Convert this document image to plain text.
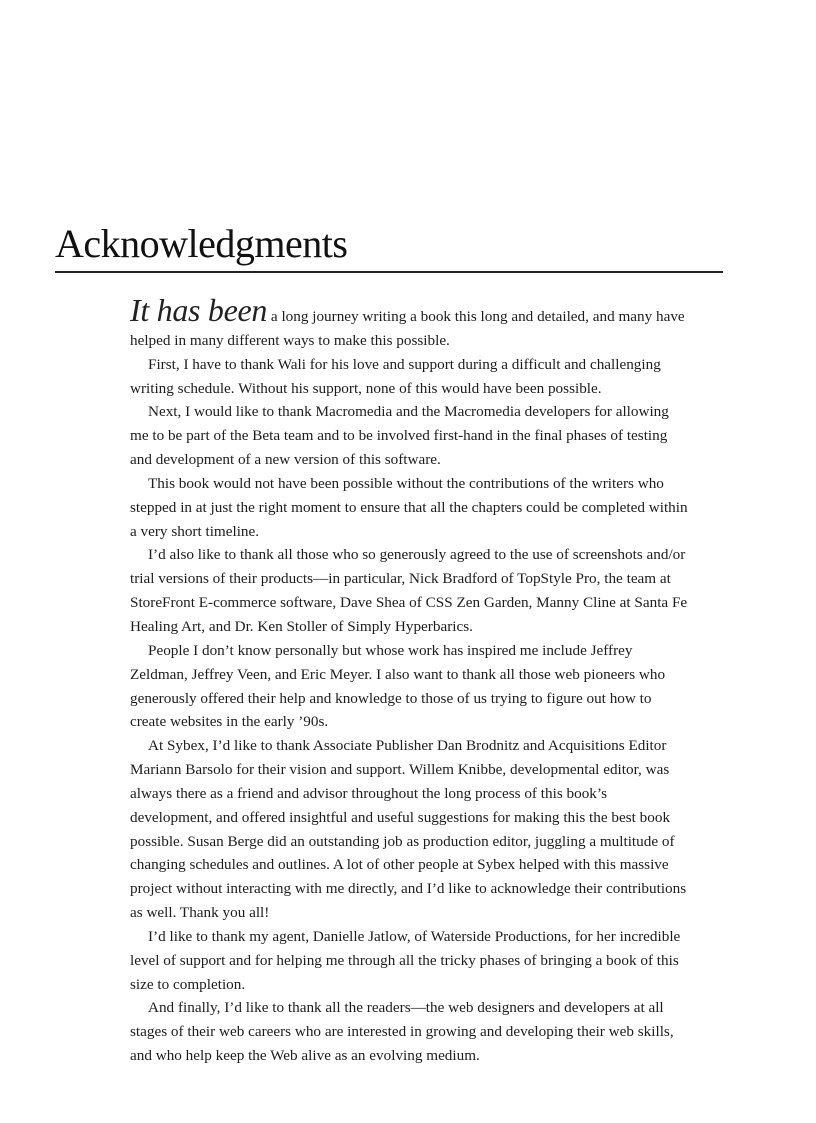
Acknowledgments

It has been a long journey writing a book this long and detailed, and many have helped in many different ways to make this possible.

First, I have to thank Wali for his love and support during a difficult and challenging writing schedule. Without his support, none of this would have been possible.

Next, I would like to thank Macromedia and the Macromedia developers for allowing me to be part of the Beta team and to be involved first-hand in the final phases of testing and development of a new version of this software.

This book would not have been possible without the contributions of the writers who stepped in at just the right moment to ensure that all the chapters could be completed within a very short timeline.

I’d also like to thank all those who so generously agreed to the use of screenshots and/or trial versions of their products—in particular, Nick Bradford of TopStyle Pro, the team at StoreFront E-commerce software, Dave Shea of CSS Zen Garden, Manny Cline at Santa Fe Healing Art, and Dr. Ken Stoller of Simply Hyperbarics.

People I don’t know personally but whose work has inspired me include Jeffrey Zeldman, Jeffrey Veen, and Eric Meyer. I also want to thank all those web pioneers who generously offered their help and knowledge to those of us trying to figure out how to create websites in the early ’90s.

At Sybex, I’d like to thank Associate Publisher Dan Brodnitz and Acquisitions Editor Mariann Barsolo for their vision and support. Willem Knibbe, developmental editor, was always there as a friend and advisor throughout the long process of this book’s development, and offered insightful and useful suggestions for making this the best book possible. Susan Berge did an outstanding job as production editor, juggling a multitude of changing schedules and outlines. A lot of other people at Sybex helped with this massive project without interacting with me directly, and I’d like to acknowledge their contributions as well. Thank you all!

I’d like to thank my agent, Danielle Jatlow, of Waterside Productions, for her incredible level of support and for helping me through all the tricky phases of bringing a book of this size to completion.

And finally, I’d like to thank all the readers—the web designers and developers at all stages of their web careers who are interested in growing and developing their web skills, and who help keep the Web alive as an evolving medium.
